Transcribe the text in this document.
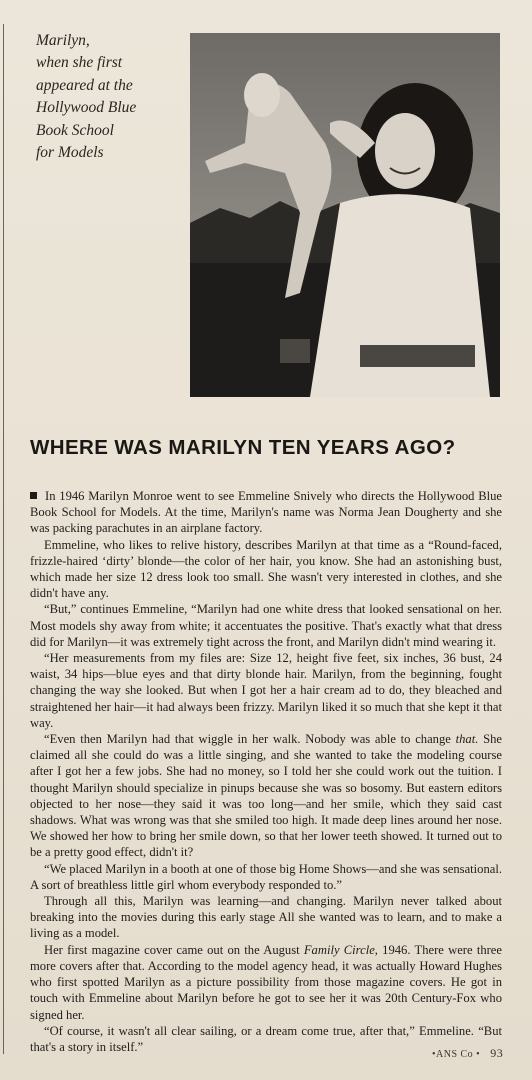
Marilyn,
when she first
appeared at the
Hollywood Blue
Book School
for Models
WHERE WAS MARILYN TEN YEARS AGO?

In 1946 Marilyn Monroe went to see Emmeline Snively who directs the Hollywood Blue Book School for Models. At the time, Marilyn's name was Norma Jean Dougherty and she was packing parachutes in an airplane factory.

Emmeline, who likes to relive history, describes Marilyn at that time as a “Round-faced, frizzle-haired ‘dirty’ blonde—the color of her hair, you know. She had an astonishing bust, which made her size 12 dress look too small. She wasn't very interested in clothes, and she didn't have any.

“But,” continues Emmeline, “Marilyn had one white dress that looked sensational on her. Most models shy away from white; it accentuates the positive. That's exactly what that dress did for Marilyn—it was extremely tight across the front, and Marilyn didn't mind wearing it.

“Her measurements from my files are: Size 12, height five feet, six inches, 36 bust, 24 waist, 34 hips—blue eyes and that dirty blonde hair. Marilyn, from the beginning, fought changing the way she looked. But when I got her a hair cream ad to do, they bleached and straightened her hair—it had always been frizzy. Marilyn liked it so much that she kept it that way.

“Even then Marilyn had that wiggle in her walk. Nobody was able to change that. She claimed all she could do was a little singing, and she wanted to take the modeling course after I got her a few jobs. She had no money, so I told her she could work out the tuition. I thought Marilyn should specialize in pinups because she was so bosomy. But eastern editors objected to her nose—they said it was too long—and her smile, which they said cast shadows. What was wrong was that she smiled too high. It made deep lines around her nose. We showed her how to bring her smile down, so that her lower teeth showed. It turned out to be a pretty good effect, didn't it?

“We placed Marilyn in a booth at one of those big Home Shows—and she was sensational. A sort of breathless little girl whom everybody responded to.”

Through all this, Marilyn was learning—and changing. Marilyn never talked about breaking into the movies during this early stage All she wanted was to learn, and to make a living as a model.

Her first magazine cover came out on the August Family Circle, 1946. There were three more covers after that. According to the model agency head, it was actually Howard Hughes who first spotted Marilyn as a picture possibility from those magazine covers. He got in touch with Emmeline about Marilyn before he got to see her it was 20th Century-Fox who signed her.

“Of course, it wasn't all clear sailing, or a dream come true, after that,” Emmeline. “But that's a story in itself.”

•ANS Co • 93
